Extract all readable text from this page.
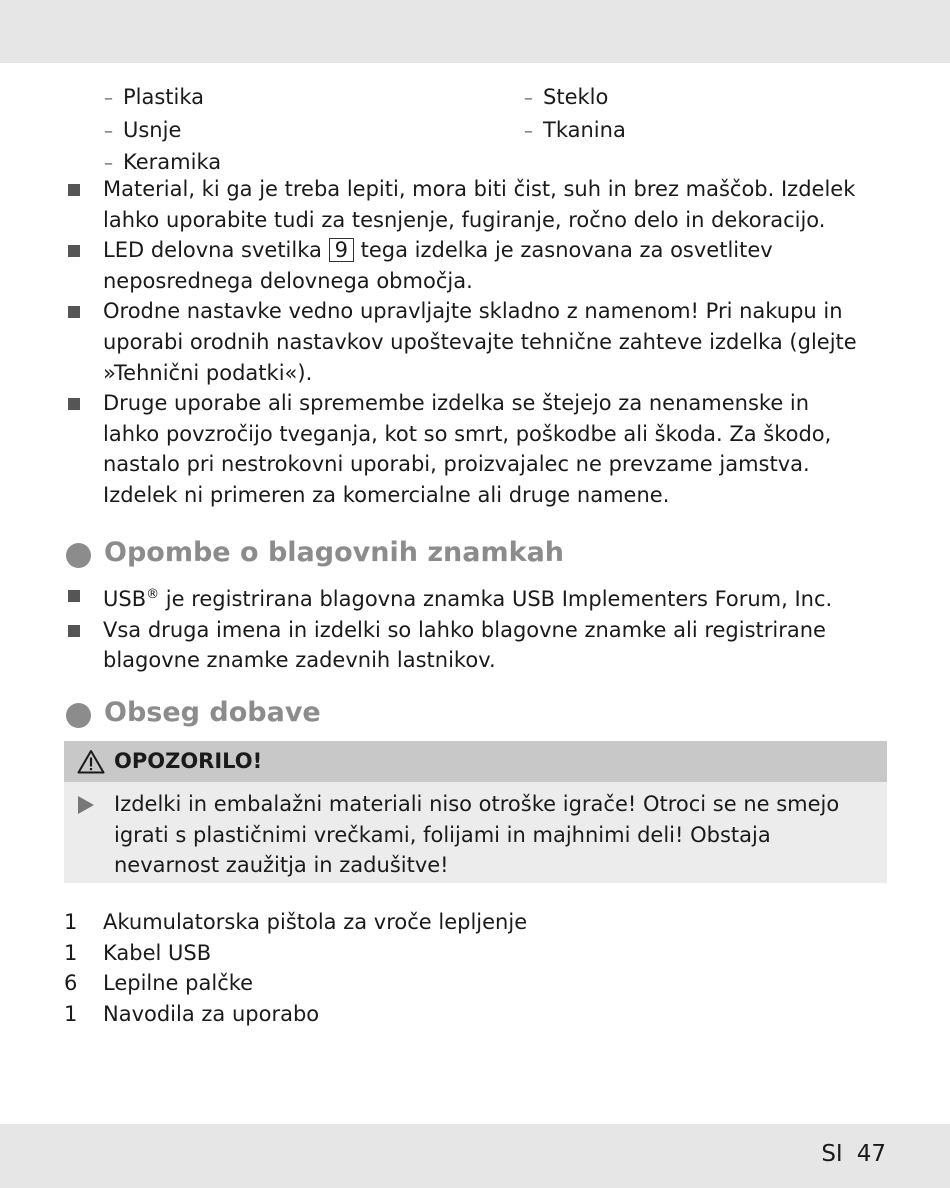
– Plastika
– Usnje
– Keramika
– Steklo
– Tkanina
Material, ki ga je treba lepiti, mora biti čist, suh in brez maščob. Izdelek lahko uporabite tudi za tesnjenje, fugiranje, ročno delo in dekoracijo.
LED delovna svetilka 9 tega izdelka je zasnovana za osvetlitev neposrednega delovnega območja.
Orodne nastavke vedno upravljajte skladno z namenom! Pri nakupu in uporabi orodnih nastavkov upoštevajte tehnične zahteve izdelka (glejte »Tehnični podatki«).
Druge uporabe ali spremembe izdelka se štejejo za nenamenske in lahko povzročijo tveganja, kot so smrt, poškodbe ali škoda. Za škodo, nastalo pri nestrokovni uporabi, proizvajalec ne prevzame jamstva. Izdelek ni primeren za komercialne ali druge namene.
Opombe o blagovnih znamkah
USB® je registrirana blagovna znamka USB Implementers Forum, Inc.
Vsa druga imena in izdelki so lahko blagovne znamke ali registrirane blagovne znamke zadevnih lastnikov.
Obseg dobave
OPOZORILO!
Izdelki in embalažni materiali niso otroške igrače! Otroci se ne smejo igrati s plastičnimi vrečkami, folijami in majhnimi deli! Obstaja nevarnost zaužitja in zadušitve!
1 Akumulatorska pištola za vroče lepljenje
1 Kabel USB
6 Lepilne palčke
1 Navodila za uporabo
SI 47
